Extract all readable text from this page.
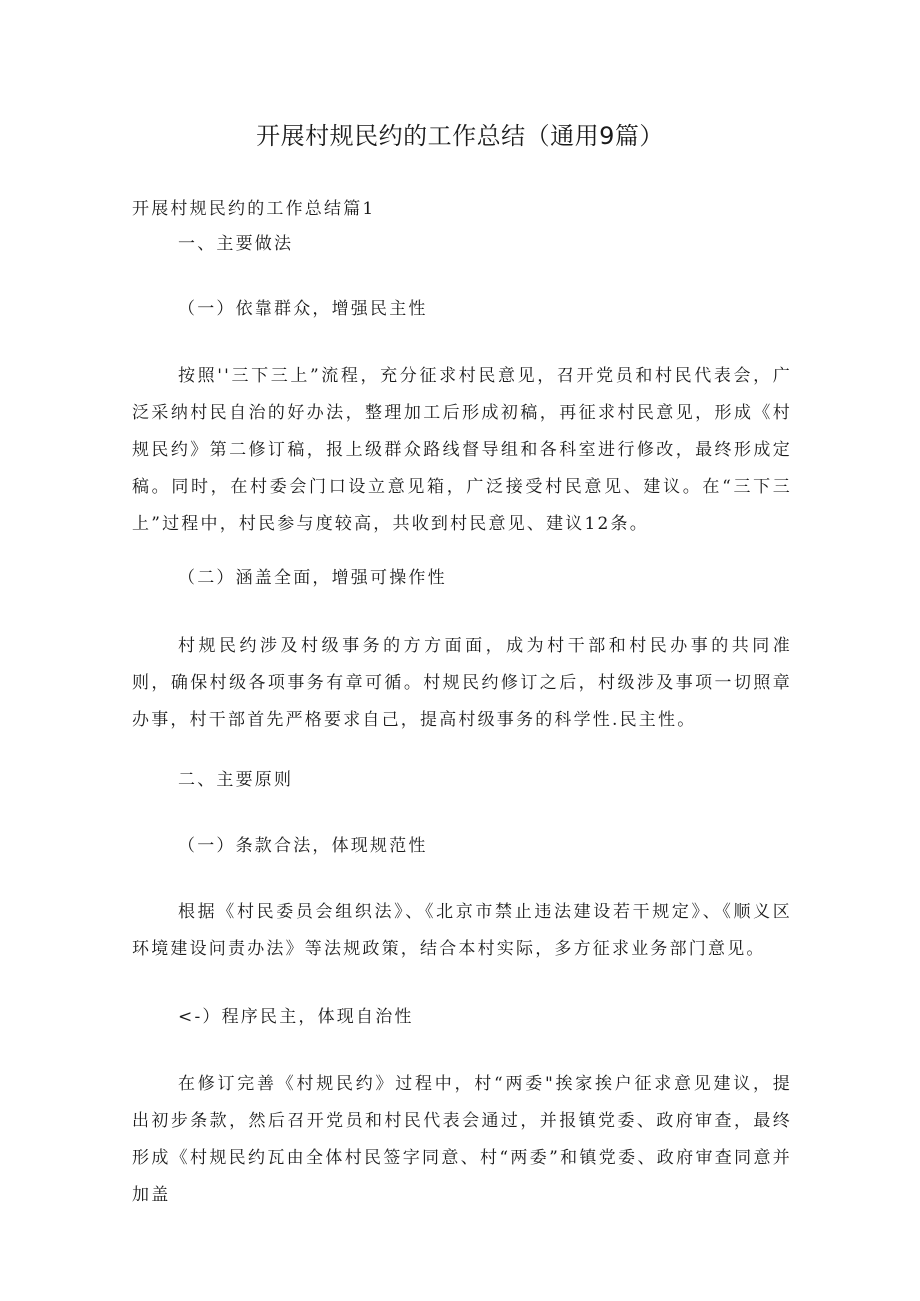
开展村规民约的工作总结（通用9篇）
开展村规民约的工作总结篇1
一、主要做法
（一）依靠群众，增强民主性
按照''三下三上”流程，充分征求村民意见，召开党员和村民代表会，广泛采纳村民自治的好办法，整理加工后形成初稿，再征求村民意见，形成《村规民约》第二修订稿，报上级群众路线督导组和各科室进行修改，最终形成定稿。同时，在村委会门口设立意见箱，广泛接受村民意见、建议。在“三下三上”过程中，村民参与度较高，共收到村民意见、建议12条。
（二）涵盖全面，增强可操作性
村规民约涉及村级事务的方方面面，成为村干部和村民办事的共同准则，确保村级各项事务有章可循。村规民约修订之后，村级涉及事项一切照章办事，村干部首先严格要求自己，提高村级事务的科学性.民主性。
二、主要原则
（一）条款合法，体现规范性
根据《村民委员会组织法》、《北京市禁止违法建设若干规定》、《顺义区环境建设问责办法》等法规政策，结合本村实际，多方征求业务部门意见。
<-）程序民主，体现自治性
在修订完善《村规民约》过程中，村“两委"挨家挨户征求意见建议，提出初步条款，然后召开党员和村民代表会通过，并报镇党委、政府审查，最终形成《村规民约瓦由全体村民签字同意、村“两委”和镇党委、政府审查同意并加盖
